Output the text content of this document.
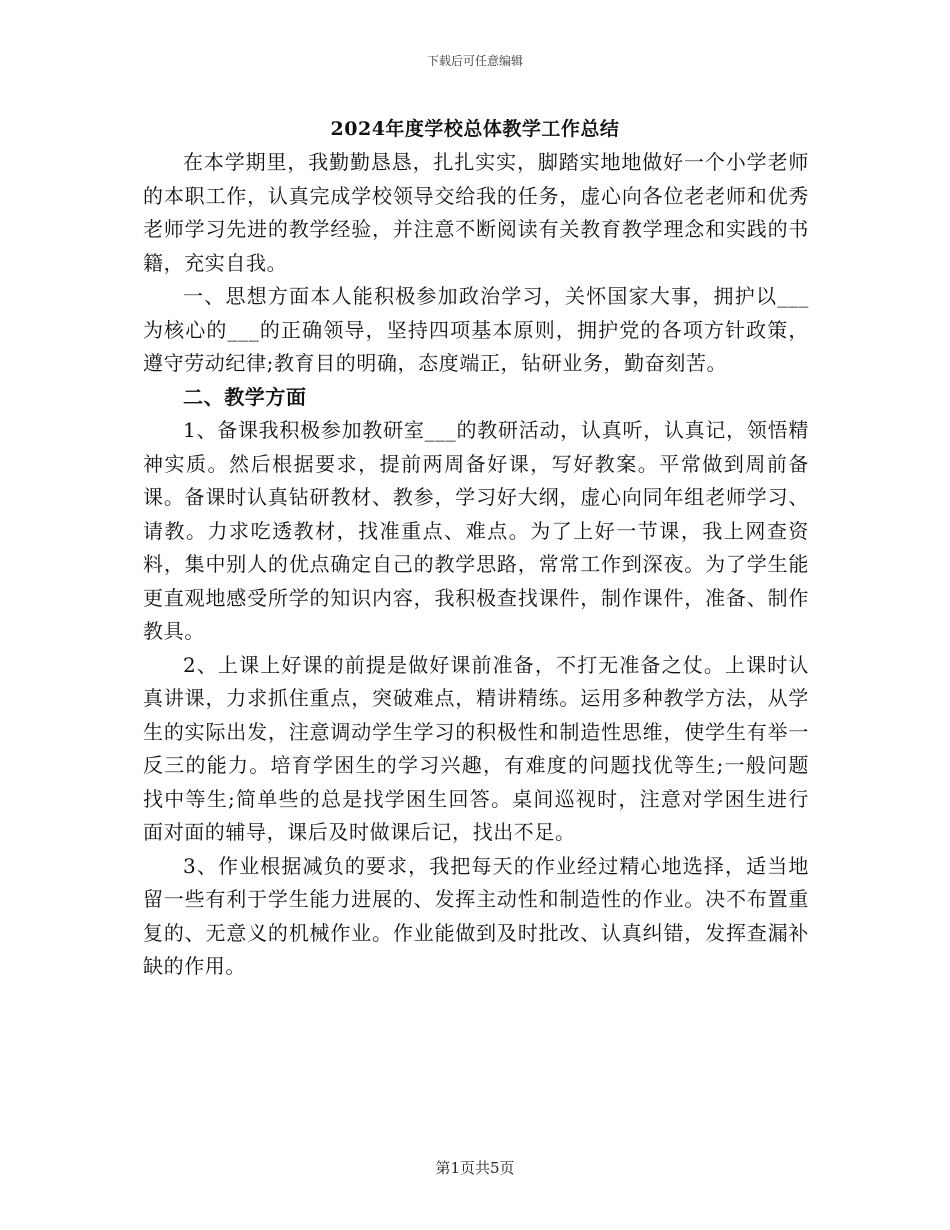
下载后可任意编辑
2024年度学校总体教学工作总结

在本学期里，我勤勤恳恳，扎扎实实，脚踏实地地做好一个小学老师的本职工作，认真完成学校领导交给我的任务，虚心向各位老老师和优秀老师学习先进的教学经验，并注意不断阅读有关教育教学理念和实践的书籍，充实自我。

一、思想方面本人能积极参加政治学习，关怀国家大事，拥护以___为核心的___的正确领导，坚持四项基本原则，拥护党的各项方针政策，遵守劳动纪律;教育目的明确，态度端正，钻研业务，勤奋刻苦。

二、教学方面

1、备课我积极参加教研室___的教研活动，认真听，认真记，领悟精神实质。然后根据要求，提前两周备好课，写好教案。平常做到周前备课。备课时认真钻研教材、教参，学习好大纲，虚心向同年组老师学习、请教。力求吃透教材，找准重点、难点。为了上好一节课，我上网查资料，集中别人的优点确定自己的教学思路，常常工作到深夜。为了学生能更直观地感受所学的知识内容，我积极查找课件，制作课件，准备、制作教具。

2、上课上好课的前提是做好课前准备，不打无准备之仗。上课时认真讲课，力求抓住重点，突破难点，精讲精练。运用多种教学方法，从学生的实际出发，注意调动学生学习的积极性和制造性思维，使学生有举一反三的能力。培育学困生的学习兴趣，有难度的问题找优等生;一般问题找中等生;简单些的总是找学困生回答。桌间巡视时，注意对学困生进行面对面的辅导，课后及时做课后记，找出不足。

3、作业根据减负的要求，我把每天的作业经过精心地选择，适当地留一些有利于学生能力进展的、发挥主动性和制造性的作业。决不布置重复的、无意义的机械作业。作业能做到及时批改、认真纠错，发挥查漏补缺的作用。

第1页共5页
